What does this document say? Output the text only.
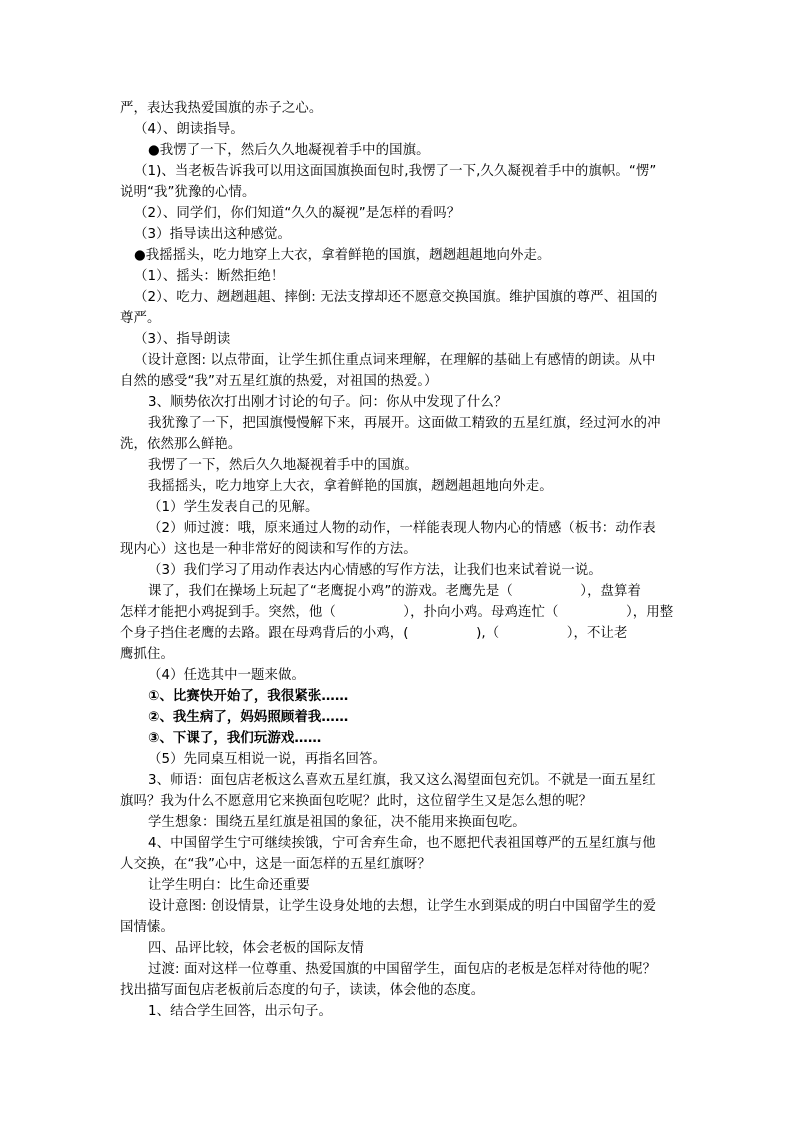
严，表达我热爱国旗的赤子之心。
（4）、朗读指导。
●我愣了一下，然后久久地凝视着手中的国旗。
（1)、当老板告诉我可以用这面国旗换面包时,我愣了一下,久久凝视着手中的旗帜。“愣”
说明“我”犹豫的心情。
（2）、同学们，你们知道“久久的凝视”是怎样的看吗？
（3）指导读出这种感觉。
●我摇摇头，吃力地穿上大衣，拿着鲜艳的国旗，趔趔趄趄地向外走。
（1）、摇头：断然拒绝！
（2）、吃力、趔趔趄趄、摔倒: 无法支撑却还不愿意交换国旗。维护国旗的尊严、祖国的
尊严。
（3）、指导朗读
（设计意图: 以点带面，让学生抓住重点词来理解，在理解的基础上有感情的朗读。从中
自然的感受“我”对五星红旗的热爱，对祖国的热爱。）
3、顺势依次打出刚才讨论的句子。问：你从中发现了什么？
我犹豫了一下，把国旗慢慢解下来，再展开。这面做工精致的五星红旗，经过河水的冲
洗，依然那么鲜艳。
我愣了一下，然后久久地凝视着手中的国旗。
我摇摇头，吃力地穿上大衣，拿着鲜艳的国旗，趔趔趄趄地向外走。
（1）学生发表自己的见解。
（2）师过渡：哦，原来通过人物的动作，一样能表现人物内心的情感（板书：动作表
现内心）这也是一种非常好的阅读和写作的方法。
（3）我们学习了用动作表达内心情感的写作方法，让我们也来试着说一说。
课了，我们在操场上玩起了“老鹰捉小鸡”的游戏。老鹰先是（　　　　　），盘算着
怎样才能把小鸡捉到手。突然，他（　　　　　），扑向小鸡。母鸡连忙（　　　　　），用整
个身子挡住老鹰的去路。跟在母鸡背后的小鸡，(　　　　　),（　　　　　），不让老
鹰抓住。
（4）任选其中一题来做。
①、比赛快开始了，我很紧张……
②、我生病了，妈妈照顾着我……
③、下课了，我们玩游戏……
（5）先同桌互相说一说，再指名回答。
3、师语：面包店老板这么喜欢五星红旗，我又这么渴望面包充饥。不就是一面五星红
旗吗？我为什么不愿意用它来换面包吃呢？此时，这位留学生又是怎么想的呢？
学生想象：围绕五星红旗是祖国的象征，决不能用来换面包吃。
4、中国留学生宁可继续挨饿，宁可舍弃生命，也不愿把代表祖国尊严的五星红旗与他
人交换，在“我”心中，这是一面怎样的五星红旗呀？
让学生明白：比生命还重要
设计意图: 创设情景，让学生设身处地的去想，让学生水到渠成的明白中国留学生的爱
国情愫。
四、品评比较，体会老板的国际友情
过渡: 面对这样一位尊重、热爱国旗的中国留学生，面包店的老板是怎样对待他的呢？
找出描写面包店老板前后态度的句子，读读，体会他的态度。
1、结合学生回答，出示句子。
